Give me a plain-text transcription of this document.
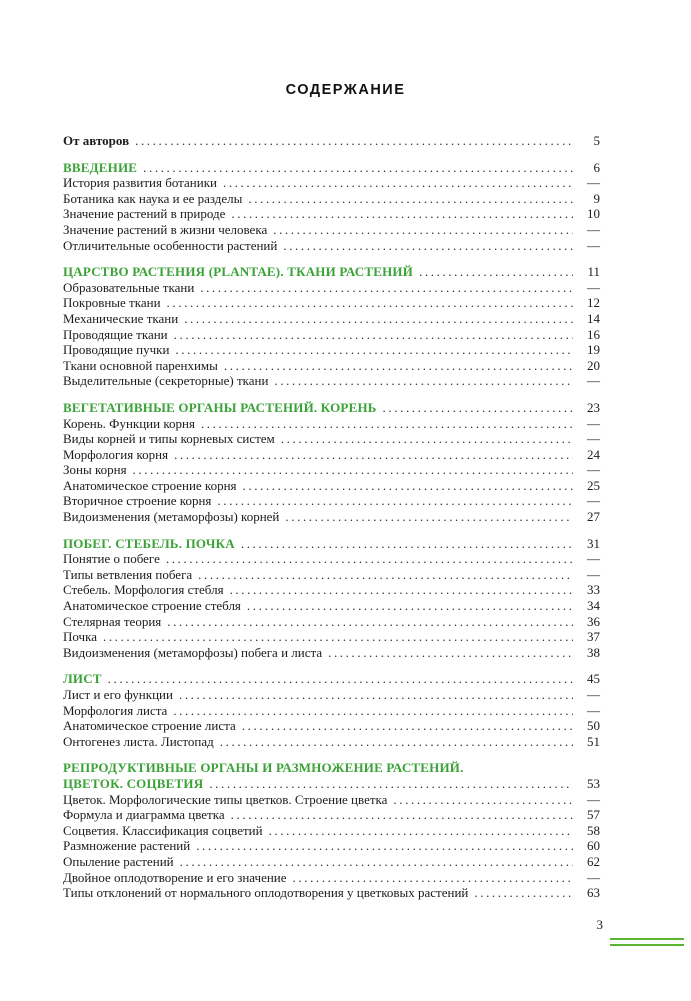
СОДЕРЖАНИЕ
От авторов .....	5
ВВЕДЕНИЕ .....	6
История развития ботаники .....	—
Ботаника как наука и ее разделы .....	9
Значение растений в природе .....	10
Значение растений в жизни человека .....	—
Отличительные особенности растений .....	—
ЦАРСТВО РАСТЕНИЯ (PLANTAE). ТКАНИ РАСТЕНИЙ .....	11
Образовательные ткани .....	—
Покровные ткани .....	12
Механические ткани .....	14
Проводящие ткани .....	16
Проводящие пучки .....	19
Ткани основной паренхимы .....	20
Выделительные (секреторные) ткани .....	—
ВЕГЕТАТИВНЫЕ ОРГАНЫ РАСТЕНИЙ. КОРЕНЬ .....	23
Корень. Функции корня .....	—
Виды корней и типы корневых систем .....	—
Морфология корня .....	24
Зоны корня .....	—
Анатомическое строение корня .....	25
Вторичное строение корня .....	—
Видоизменения (метаморфозы) корней .....	27
ПОБЕГ. СТЕБЕЛЬ. ПОЧКА .....	31
Понятие о побеге .....	—
Типы ветвления побега .....	—
Стебель. Морфология стебля .....	33
Анатомическое строение стебля .....	34
Стелярная теория .....	36
Почка .....	37
Видоизменения (метаморфозы) побега и листа .....	38
ЛИСТ .....	45
Лист и его функции .....	—
Морфология листа .....	—
Анатомическое строение листа .....	50
Онтогенез листа. Листопад .....	51
РЕПРОДУКТИВНЫЕ ОРГАНЫ И РАЗМНОЖЕНИЕ РАСТЕНИЙ.
ЦВЕТОК. СОЦВЕТИЯ .....	53
Цветок. Морфологические типы цветков. Строение цветка .....	—
Формула и диаграмма цветка .....	57
Соцветия. Классификация соцветий .....	58
Размножение растений .....	60
Опыление растений .....	62
Двойное оплодотворение и его значение .....	—
Типы отклонений от нормального оплодотворения у цветковых растений .....	63
3
